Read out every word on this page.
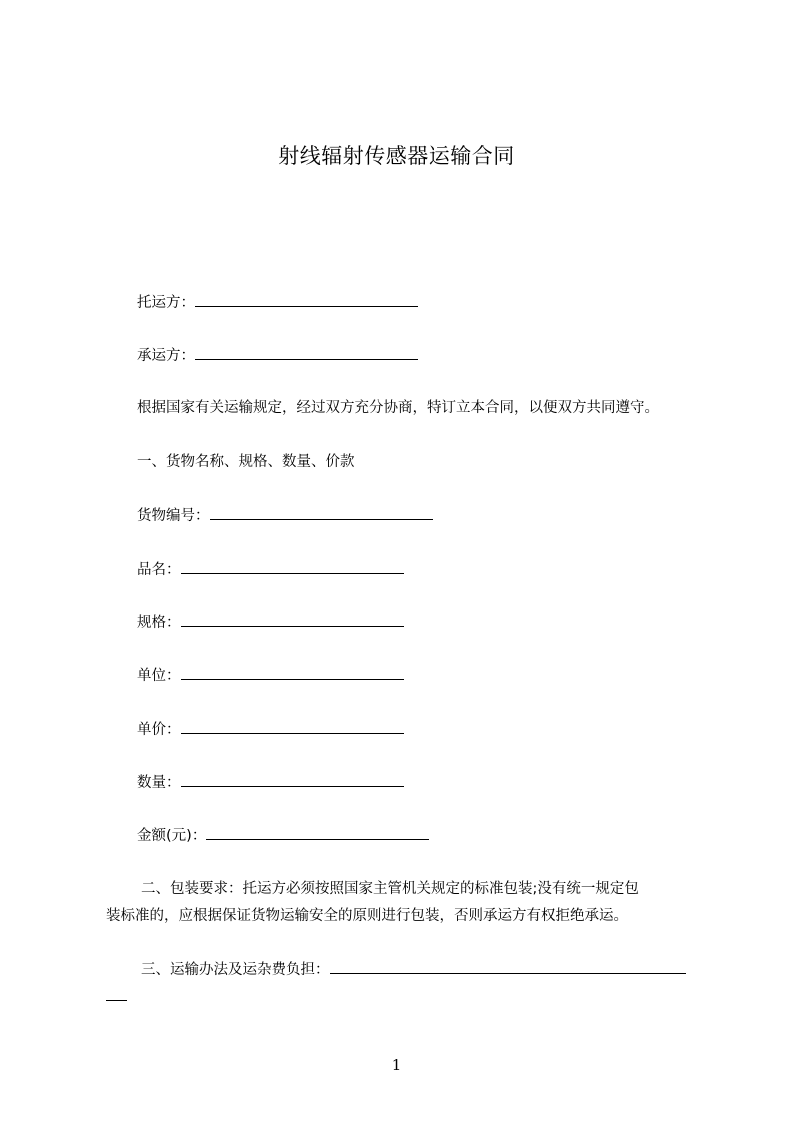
射线辐射传感器运输合同
托运方：
承运方：
根据国家有关运输规定，经过双方充分协商，特订立本合同，以便双方共同遵守。
一、货物名称、规格、数量、价款
货物编号：
品名：
规格：
单位：
单价：
数量：
金额(元)：
二、包装要求：托运方必须按照国家主管机关规定的标准包装;没有统一规定包
装标准的，应根据保证货物运输安全的原则进行包装，否则承运方有权拒绝承运。
三、运输办法及运杂费负担：
1
